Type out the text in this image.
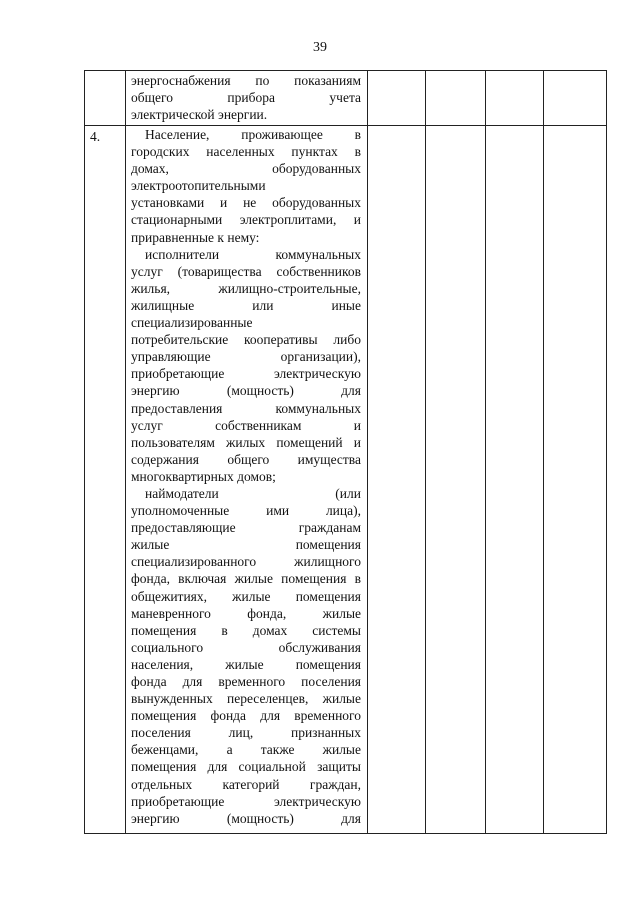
39
энергоснабжения по показаниям
общего прибора учета
электрической энергии.
4.	Население, проживающее в
городских населенных пунктах в
домах, оборудованных
электроотопительными
установками и не оборудованных
стационарными электроплитами, и
приравненные к нему:
исполнители коммунальных
услуг (товарищества собственников
жилья, жилищно-строительные,
жилищные или иные
специализированные
потребительские кооперативы либо
управляющие организации),
приобретающие электрическую
энергию (мощность) для
предоставления коммунальных
услуг собственникам и
пользователям жилых помещений и
содержания общего имущества
многоквартирных домов;
наймодатели (или
уполномоченные ими лица),
предоставляющие гражданам
жилые помещения
специализированного жилищного
фонда, включая жилые помещения в
общежитиях, жилые помещения
маневренного фонда, жилые
помещения в домах системы
социального обслуживания
населения, жилые помещения
фонда для временного поселения
вынужденных переселенцев, жилые
помещения фонда для временного
поселения лиц, признанных
беженцами, а также жилые
помещения для социальной защиты
отдельных категорий граждан,
приобретающие электрическую
энергию (мощность) для
